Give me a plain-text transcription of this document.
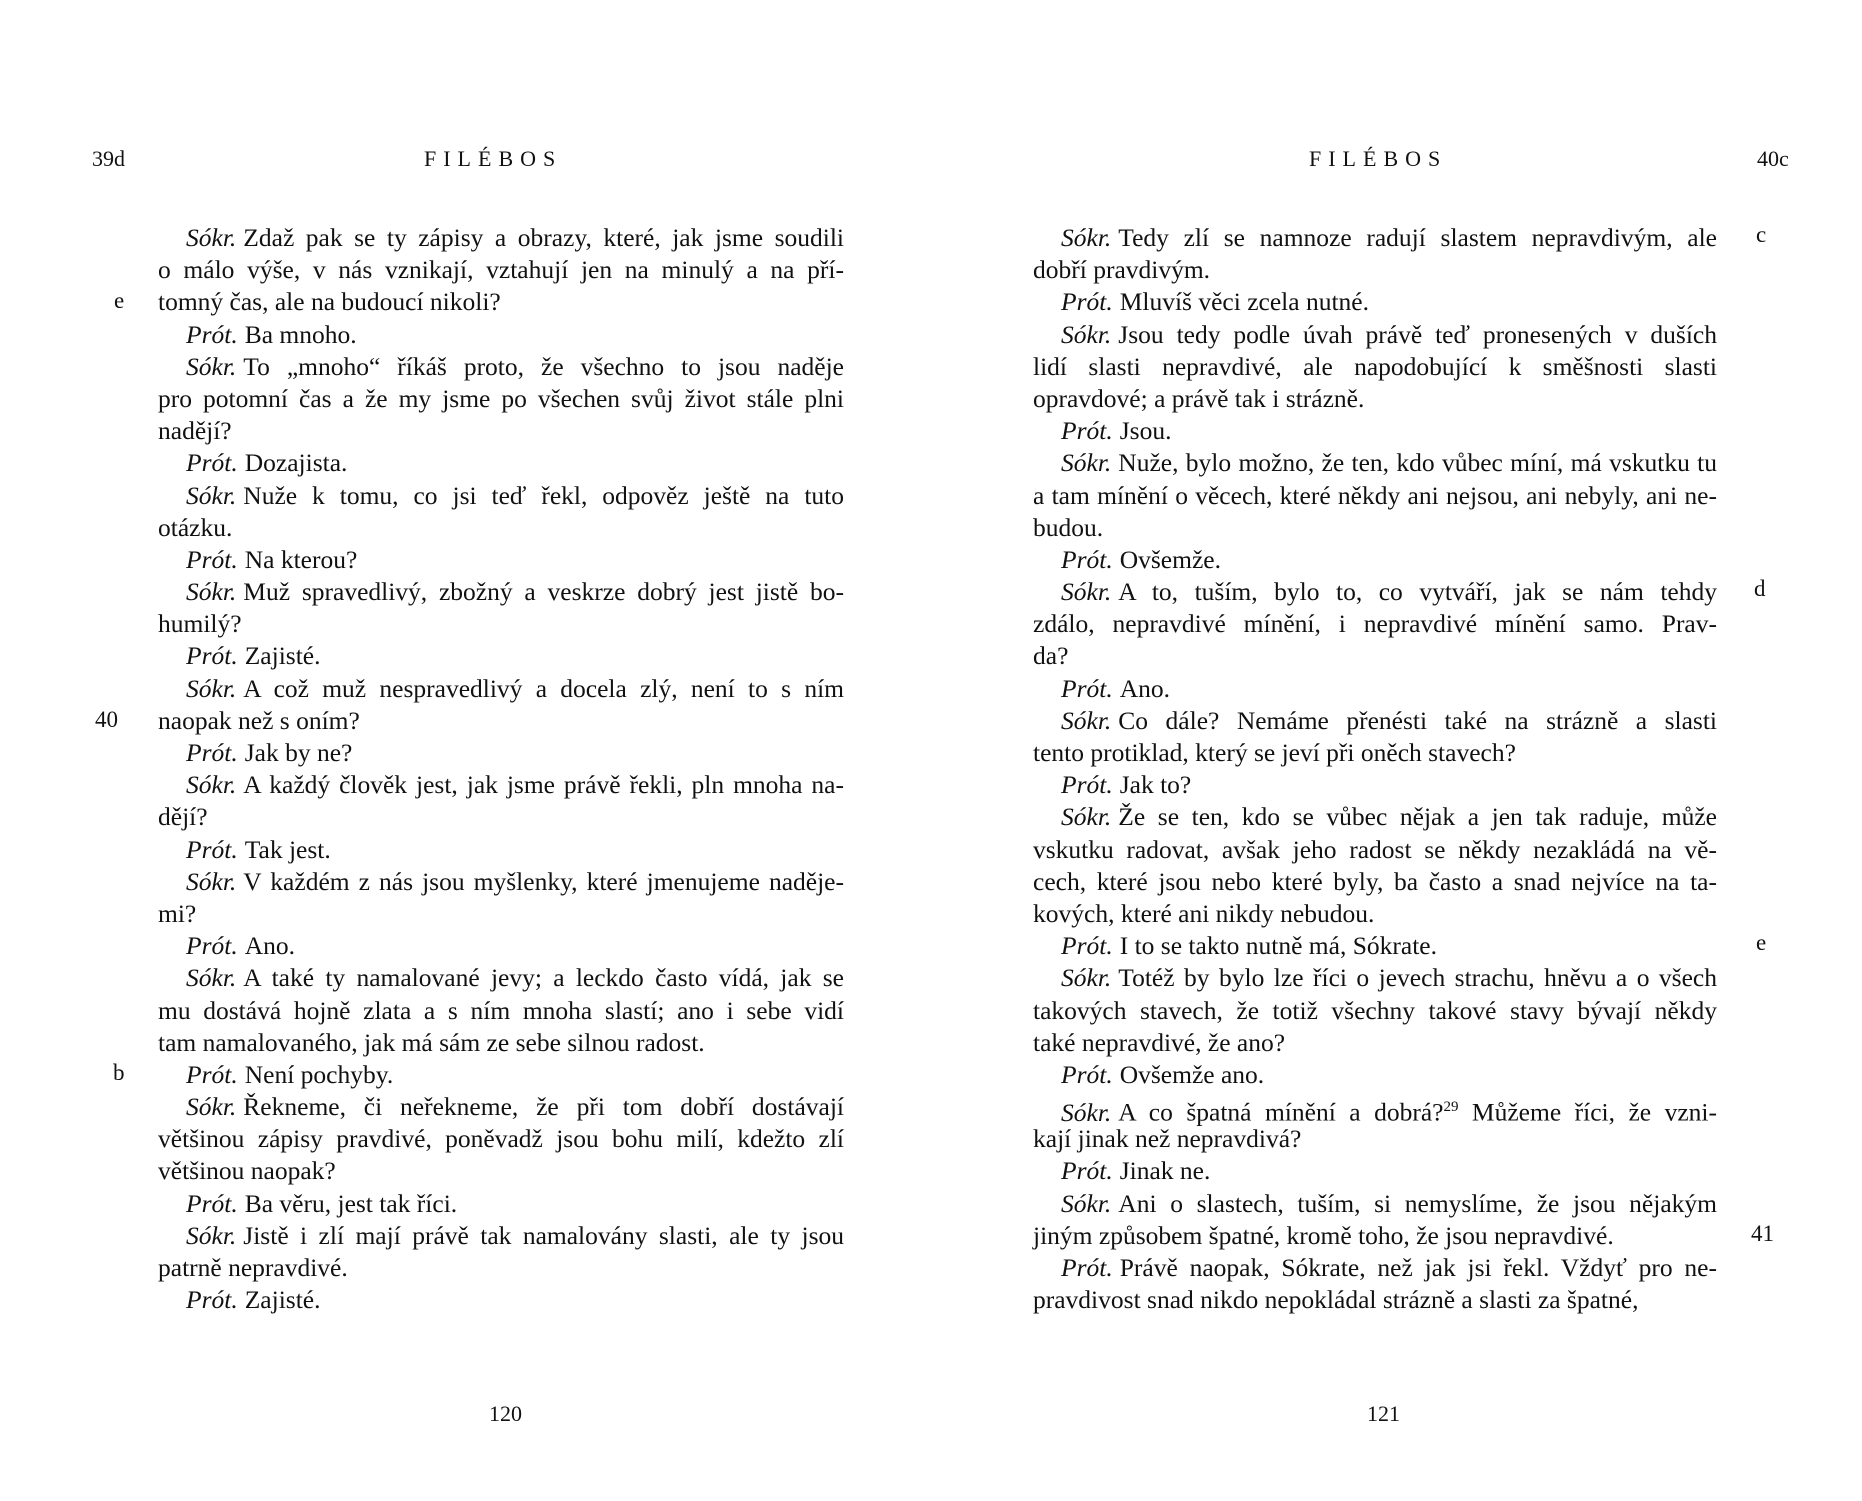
39d	FILÉBOS
e
40
b
Sókr. Zdaž pak se ty zápisy a obrazy, které, jak jsme soudili
o málo výše, v nás vznikají, vztahují jen na minulý a na pří-
tomný čas, ale na budoucí nikoli?
Prót. Ba mnoho.
Sókr. To „mnoho“ říkáš proto, že všechno to jsou naděje
pro potomní čas a že my jsme po všechen svůj život stále plni
nadějí?
Prót. Dozajista.
Sókr. Nuže k tomu, co jsi teď řekl, odpověz ještě na tuto
otázku.
Prót. Na kterou?
Sókr. Muž spravedlivý, zbožný a veskrze dobrý jest jistě bo-
humilý?
Prót. Zajisté.
Sókr. A což muž nespravedlivý a docela zlý, není to s ním
naopak než s oním?
Prót. Jak by ne?
Sókr. A každý člověk jest, jak jsme právě řekli, pln mnoha na-
dějí?
Prót. Tak jest.
Sókr. V každém z nás jsou myšlenky, které jmenujeme naděje-
mi?
Prót. Ano.
Sókr. A také ty namalované jevy; a leckdo často vídá, jak se
mu dostává hojně zlata a s ním mnoha slastí; ano i sebe vidí
tam namalovaného, jak má sám ze sebe silnou radost.
Prót. Není pochyby.
Sókr. Řekneme, či neřekneme, že při tom dobří dostávají
většinou zápisy pravdivé, poněvadž jsou bohu milí, kdežto zlí
většinou naopak?
Prót. Ba věru, jest tak říci.
Sókr. Jistě i zlí mají právě tak namalovány slasti, ale ty jsou
patrně nepravdivé.
Prót. Zajisté.
120
FILÉBOS	40c
c
d
e
41
Sókr. Tedy zlí se namnoze radují slastem nepravdivým, ale
dobří pravdivým.
Prót. Mluvíš věci zcela nutné.
Sókr. Jsou tedy podle úvah právě teď pronesených v duších
lidí slasti nepravdivé, ale napodobující k směšnosti slasti
opravdové; a právě tak i strázně.
Prót. Jsou.
Sókr. Nuže, bylo možno, že ten, kdo vůbec míní, má vskutku tu
a tam mínění o věcech, které někdy ani nejsou, ani nebyly, ani ne-
budou.
Prót. Ovšemže.
Sókr. A to, tuším, bylo to, co vytváří, jak se nám tehdy
zdálo, nepravdivé mínění, i nepravdivé mínění samo. Prav-
da?
Prót. Ano.
Sókr. Co dále? Nemáme přenésti také na strázně a slasti
tento protiklad, který se jeví při oněch stavech?
Prót. Jak to?
Sókr. Že se ten, kdo se vůbec nějak a jen tak raduje, může
vskutku radovat, avšak jeho radost se někdy nezakládá na vě-
cech, které jsou nebo které byly, ba často a snad nejvíce na ta-
kových, které ani nikdy nebudou.
Prót. I to se takto nutně má, Sókrate.
Sókr. Totéž by bylo lze říci o jevech strachu, hněvu a o všech
takových stavech, že totiž všechny takové stavy bývají někdy
také nepravdivé, že ano?
Prót. Ovšemže ano.
Sókr. A co špatná mínění a dobrá?$^{29}$ Můžeme říci, že vzni-
kají jinak než nepravdivá?
Prót. Jinak ne.
Sókr. Ani o slastech, tuším, si nemyslíme, že jsou nějakým
jiným způsobem špatné, kromě toho, že jsou nepravdivé.
Prót. Právě naopak, Sókrate, než jak jsi řekl. Vždyť pro ne-
pravdivost snad nikdo nepokládal strázně a slasti za špatné,
121
